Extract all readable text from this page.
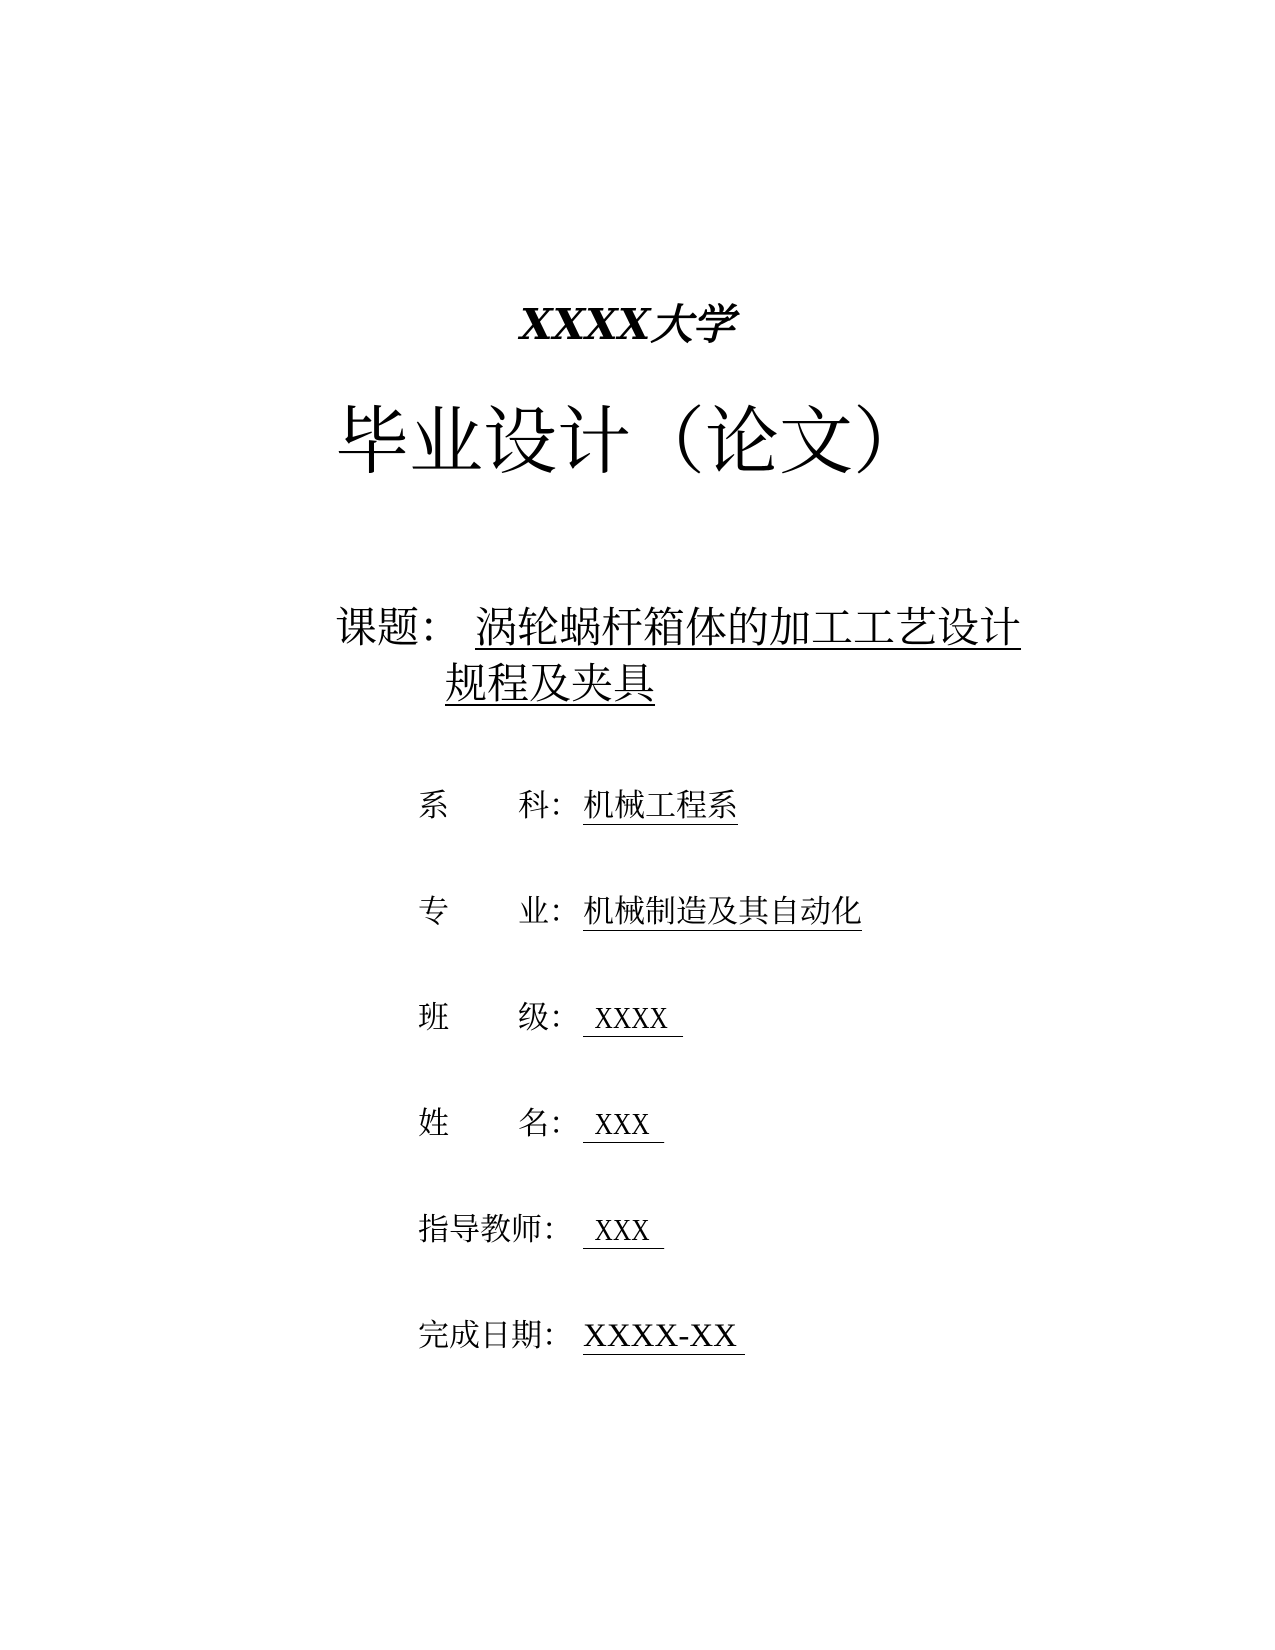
XXXX大学
毕业设计（论文）
课题： 涡轮蜗杆箱体的加工工艺设计
规程及夹具
系 科：机械工程系
专 业：机械制造及其自动化
班 级： XXXX
姓 名： XXX
指导教师： XXX
完成日期： XXXX-XX
